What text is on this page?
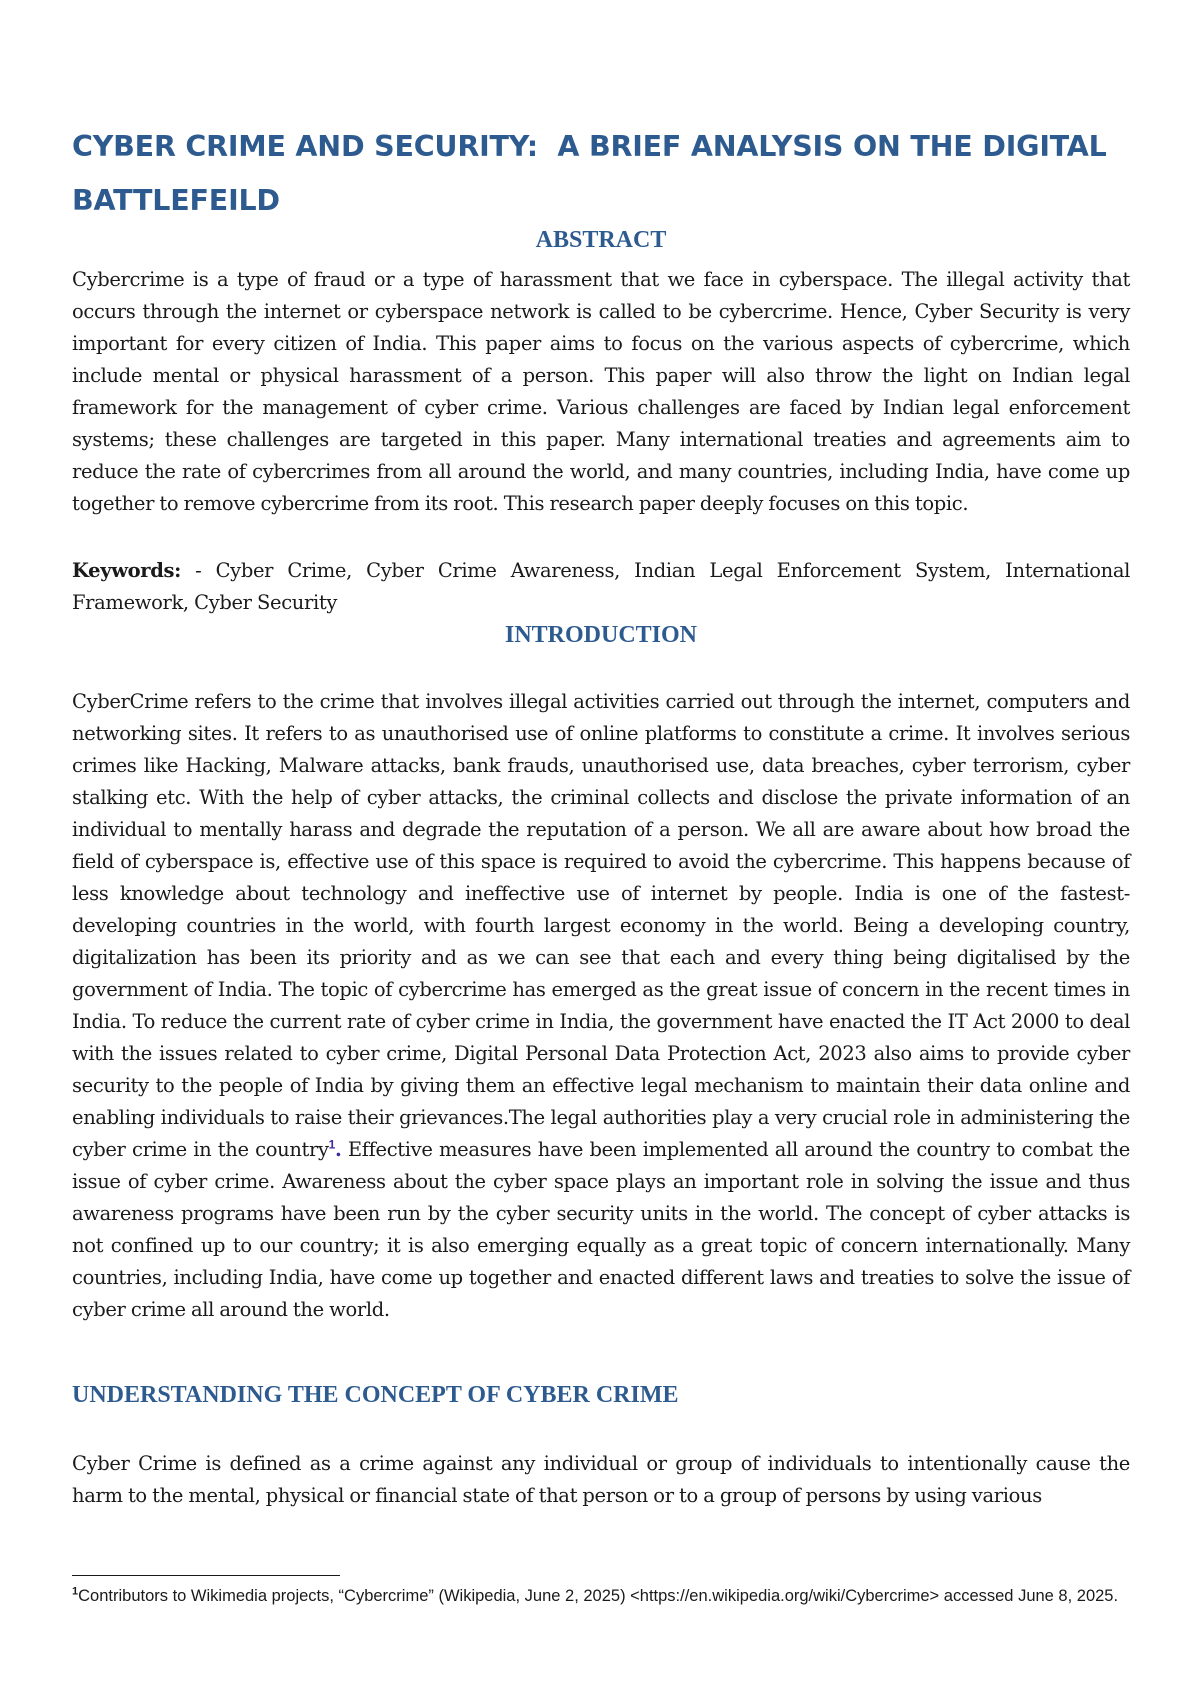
CYBER CRIME AND SECURITY:  A BRIEF ANALYSIS ON THE DIGITAL BATTLEFEILD
ABSTRACT

Cybercrime is a type of fraud or a type of harassment that we face in cyberspace. The illegal activity that occurs through the internet or cyberspace network is called to be cybercrime. Hence, Cyber Security is very important for every citizen of India. This paper aims to focus on the various aspects of cybercrime, which include mental or physical harassment of a person. This paper will also throw the light on Indian legal framework for the management of cyber crime. Various challenges are faced by Indian legal enforcement systems; these challenges are targeted in this paper. Many international treaties and agreements aim to reduce the rate of cybercrimes from all around the world, and many countries, including India, have come up together to remove cybercrime from its root. This research paper deeply focuses on this topic.

Keywords: - Cyber Crime, Cyber Crime Awareness, Indian Legal Enforcement System, International Framework, Cyber Security

INTRODUCTION

CyberCrime refers to the crime that involves illegal activities carried out through the internet, computers and networking sites. It refers to as unauthorised use of online platforms to constitute a crime. It involves serious crimes like Hacking, Malware attacks, bank frauds, unauthorised use, data breaches, cyber terrorism, cyber stalking etc. With the help of cyber attacks, the criminal collects and disclose the private information of an individual to mentally harass and degrade the reputation of a person. We all are aware about how broad the field of cyberspace is, effective use of this space is required to avoid the cybercrime. This happens because of less knowledge about technology and ineffective use of internet by people. India is one of the fastest-developing countries in the world, with fourth largest economy in the world. Being a developing country, digitalization has been its priority and as we can see that each and every thing being digitalised by the government of India. The topic of cybercrime has emerged as the great issue of concern in the recent times in India. To reduce the current rate of cyber crime in India, the government have enacted the IT Act 2000 to deal with the issues related to cyber crime, Digital Personal Data Protection Act, 2023 also aims to provide cyber security to the people of India by giving them an effective legal mechanism to maintain their data online and enabling individuals to raise their grievances.The legal authorities play a very crucial role in administering the cyber crime in the country$^1$. Effective measures have been implemented all around the country to combat the issue of cyber crime. Awareness about the cyber space plays an important role in solving the issue and thus awareness programs have been run by the cyber security units in the world. The concept of cyber attacks is not confined up to our country; it is also emerging equally as a great topic of concern internationally. Many countries, including India, have come up together and enacted different laws and treaties to solve the issue of cyber crime all around the world.

UNDERSTANDING THE CONCEPT OF CYBER CRIME

Cyber Crime is defined as a crime against any individual or group of individuals to intentionally cause the harm to the mental, physical or financial state of that person or to a group of persons by using various

$^1$Contributors to Wikimedia projects, “Cybercrime” (Wikipedia, June 2, 2025) <https://en.wikipedia.org/wiki/Cybercrime> accessed June 8, 2025.
